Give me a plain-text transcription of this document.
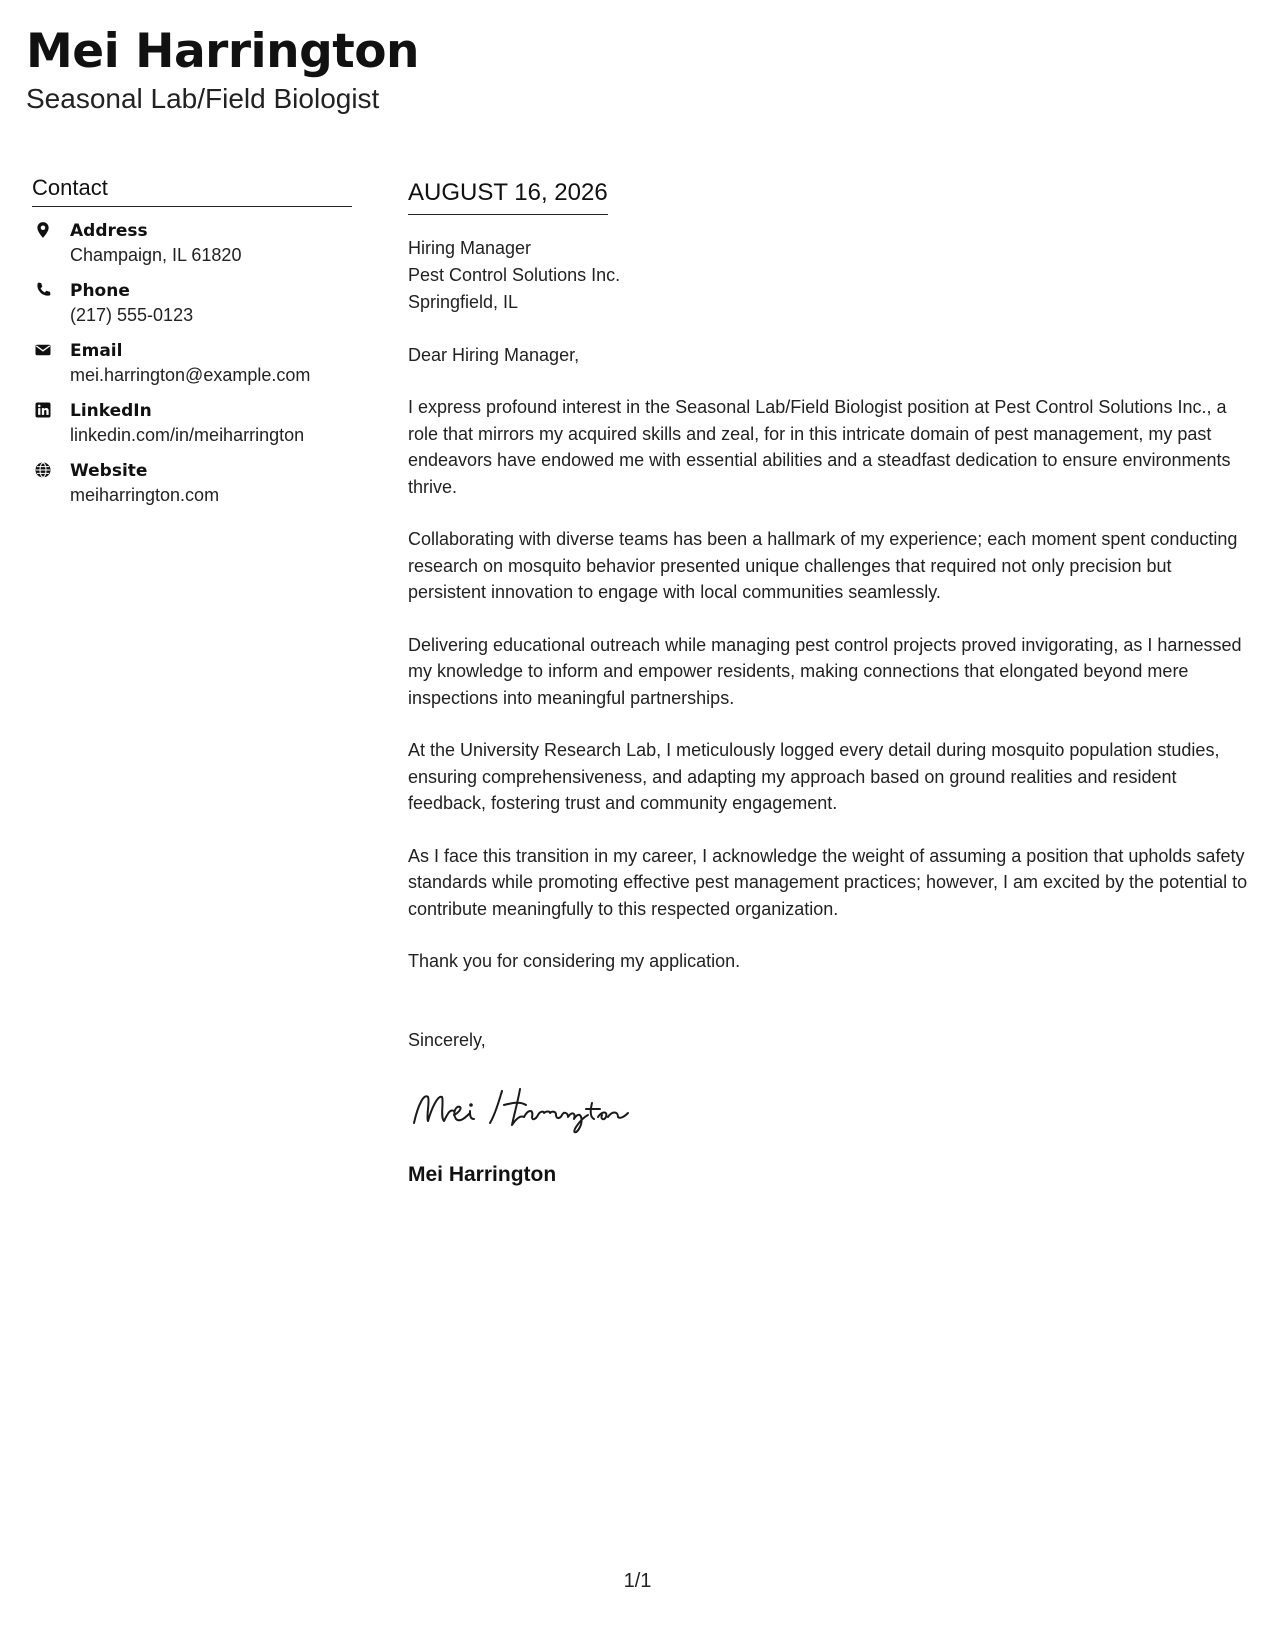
Mei Harrington
Seasonal Lab/Field Biologist
Contact
Address
Champaign, IL 61820
Phone
(217) 555-0123
Email
mei.harrington@example.com
LinkedIn
linkedin.com/in/meiharrington
Website
meiharrington.com
AUGUST 16, 2026
Hiring Manager
Pest Control Solutions Inc.
Springfield, IL
Dear Hiring Manager,

I express profound interest in the Seasonal Lab/Field Biologist position at Pest Control Solutions Inc., a role that mirrors my acquired skills and zeal, for in this intricate domain of pest management, my past endeavors have endowed me with essential abilities and a steadfast dedication to ensure environments thrive.

Collaborating with diverse teams has been a hallmark of my experience; each moment spent conducting research on mosquito behavior presented unique challenges that required not only precision but persistent innovation to engage with local communities seamlessly.

Delivering educational outreach while managing pest control projects proved invigorating, as I harnessed my knowledge to inform and empower residents, making connections that elongated beyond mere inspections into meaningful partnerships.

At the University Research Lab, I meticulously logged every detail during mosquito population studies, ensuring comprehensiveness, and adapting my approach based on ground realities and resident feedback, fostering trust and community engagement.

As I face this transition in my career, I acknowledge the weight of assuming a position that upholds safety standards while promoting effective pest management practices; however, I am excited by the potential to contribute meaningfully to this respected organization.

Thank you for considering my application.

Sincerely,
Mei Harrington
1/1
